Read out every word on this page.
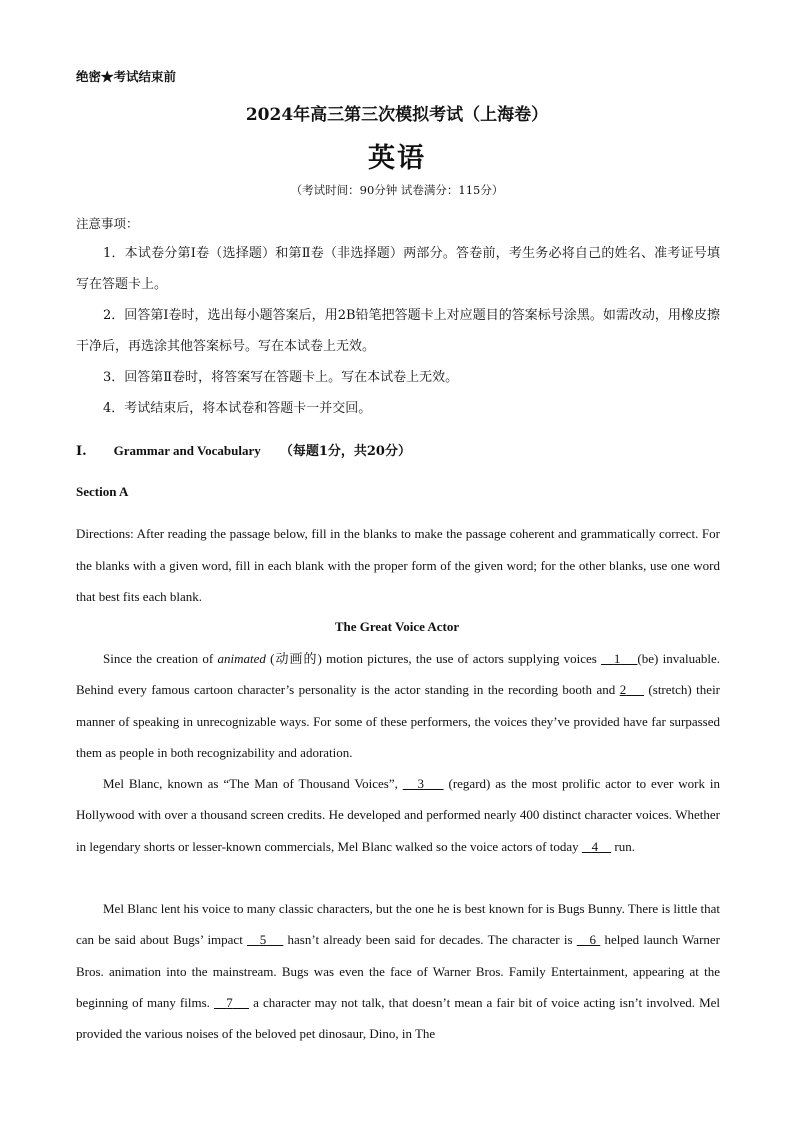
绝密★考试结束前
2024年高三第三次模拟考试（上海卷）
英语
（考试时间：90分钟 试卷满分：115分）
注意事项：
1．本试卷分第Ⅰ卷（选择题）和第Ⅱ卷（非选择题）两部分。答卷前，考生务必将自己的姓名、准考证号填写在答题卡上。
2．回答第Ⅰ卷时，选出每小题答案后，用2B铅笔把答题卡上对应题目的答案标号涂黑。如需改动，用橡皮擦干净后，再选涂其他答案标号。写在本试卷上无效。
3．回答第Ⅱ卷时，将答案写在答题卡上。写在本试卷上无效。
4．考试结束后，将本试卷和答题卡一并交回。
I. Grammar and Vocabulary （每题1分，共20分）
Section A
Directions: After reading the passage below, fill in the blanks to make the passage coherent and grammatically correct. For the blanks with a given word, fill in each blank with the proper form of the given word; for the other blanks, use one word that best fits each blank.
The Great Voice Actor
Since the creation of animated (动画的) motion pictures, the use of actors supplying voices    1 (be) invaluable. Behind every famous cartoon character’s personality is the actor standing in the recording booth and 2     (stretch) their manner of speaking in unrecognizable ways. For some of these performers, the voices they’ve provided have far surpassed them as people in both recognizability and adoration.
Mel Blanc, known as “The Man of Thousand Voices”,    3     (regard) as the most prolific actor to ever work in Hollywood with over a thousand screen credits. He developed and performed nearly 400 distinct character voices. Whether in legendary shorts or lesser-known commercials, Mel Blanc walked so the voice actors of today    4     run.
Mel Blanc lent his voice to many classic characters, but the one he is best known for is Bugs Bunny. There is little that can be said about Bugs’ impact    5     hasn’t already been said for decades. The character is    6  helped launch Warner Bros. animation into the mainstream. Bugs was even the face of Warner Bros. Family Entertainment, appearing at the beginning of many films.    7     a character may not talk, that doesn’t mean a fair bit of voice acting isn’t involved. Mel provided the various noises of the beloved pet dinosaur, Dino, in The
